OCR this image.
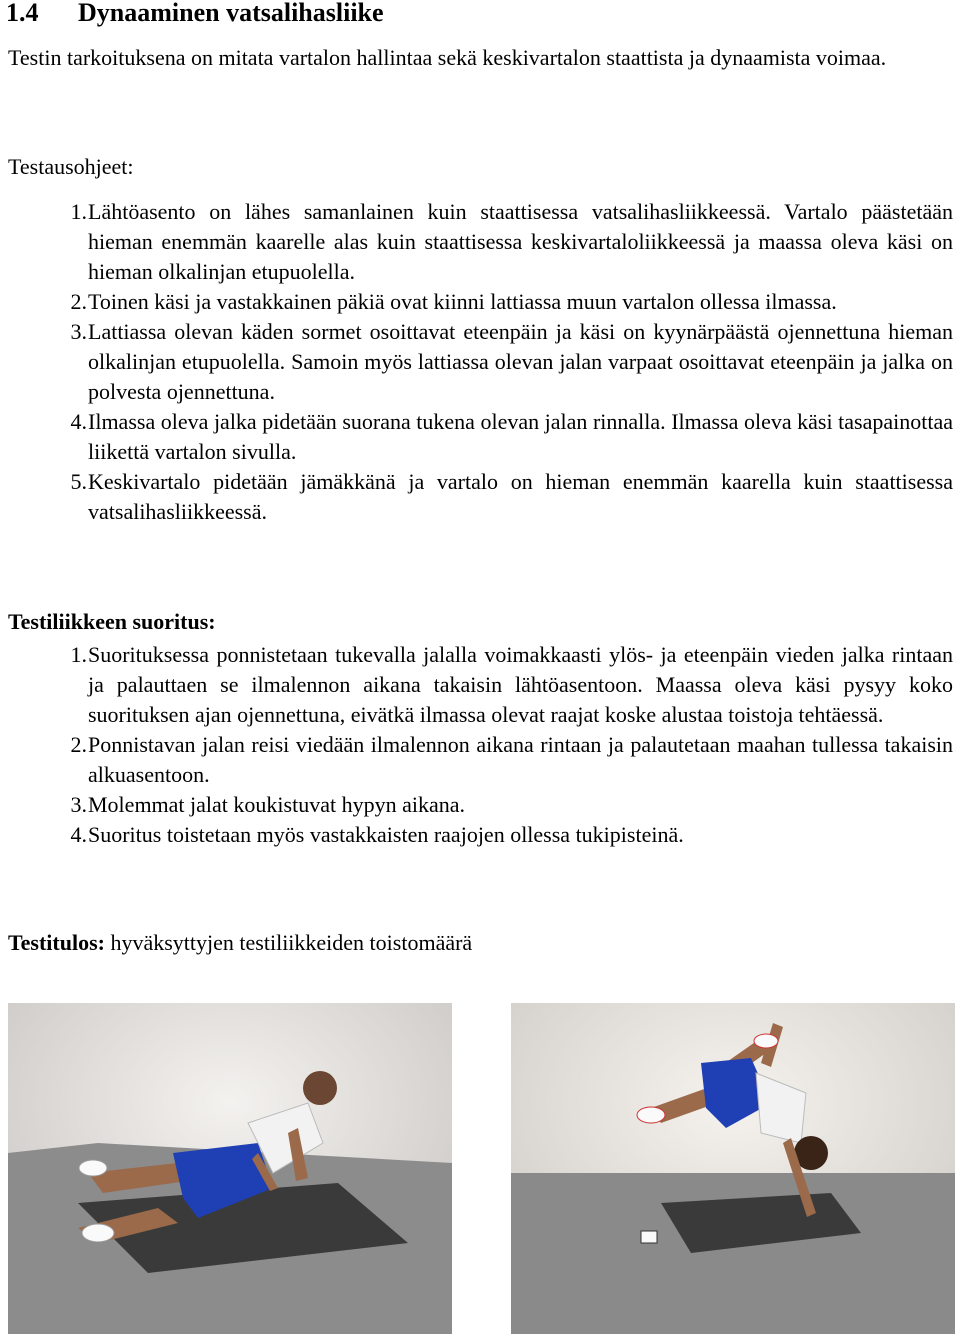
1.4 Dynaaminen vatsalihasliike
Testin tarkoituksena on mitata vartalon hallintaa sekä keskivartalon staattista ja dynaamista voimaa.
Testausohjeet:
1. Lähtöasento on lähes samanlainen kuin staattisessa vatsalihasliikkeessä. Vartalo päästetään hieman enemmän kaarelle alas kuin staattisessa keskivartaloliikkeessä ja maassa oleva käsi on hieman olkalinjan etupuolella.
2. Toinen käsi ja vastakkainen päkiä ovat kiinni lattiassa muun vartalon ollessa ilmassa.
3. Lattiassa olevan käden sormet osoittavat eteenpäin ja käsi on kyynärpäästä ojennettuna hieman olkalinjan etupuolella. Samoin myös lattiassa olevan jalan varpaat osoittavat eteenpäin ja jalka on polvesta ojennettuna.
4. Ilmassa oleva jalka pidetään suorana tukena olevan jalan rinnalla. Ilmassa oleva käsi tasapainottaa liikettä vartalon sivulla.
5. Keskivartalo pidetään jämäkkänä ja vartalo on hieman enemmän kaarella kuin staattisessa vatsalihasliikkeessä.
Testiliikkeen suoritus:
1. Suorituksessa ponnistetaan tukevalla jalalla voimakkaasti ylös- ja eteenpäin vieden jalka rintaan ja palauttaen se ilmalennon aikana takaisin lähtöasentoon. Maassa oleva käsi pysyy koko suorituksen ajan ojennettuna, eivätkä ilmassa olevat raajat koske alustaa toistoja tehtäessä.
2. Ponnistavan jalan reisi viedään ilmalennon aikana rintaan ja palautetaan maahan tullessa takaisin alkuasentoon.
3. Molemmat jalat koukistuvat hypyn aikana.
4. Suoritus toistetaan myös vastakkaisten raajojen ollessa tukipisteinä.
Testitulos: hyväksyttyjen testiliikkeiden toistomäärä
